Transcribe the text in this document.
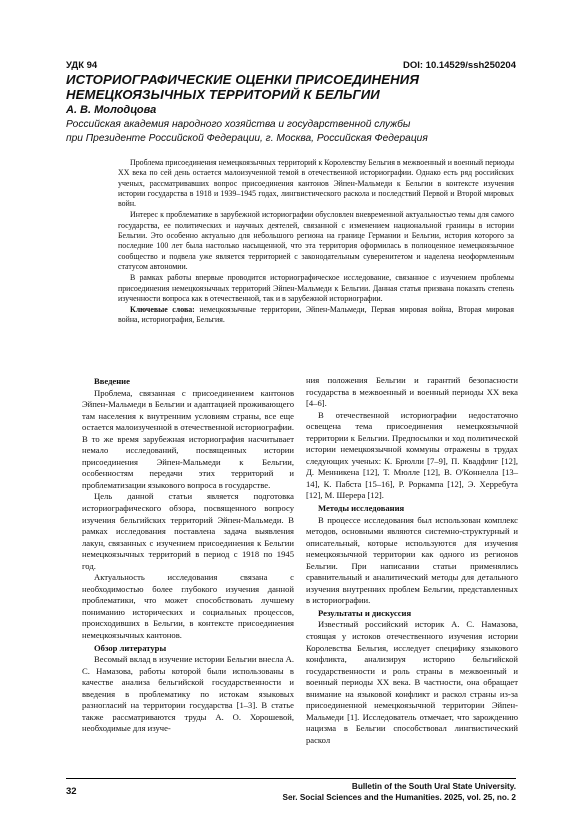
УДК 94	DOI: 10.14529/ssh250204
ИСТОРИОГРАФИЧЕСКИЕ ОЦЕНКИ ПРИСОЕДИНЕНИЯ
НЕМЕЦКОЯЗЫЧНЫХ ТЕРРИТОРИЙ К БЕЛЬГИИ
А. В. Молодцова
Российская академия народного хозяйства и государственной службы
при Президенте Российской Федерации, г. Москва, Российская Федерация

Проблема присоединения немецкоязычных территорий к Королевству Бельгия в межвоенный и военный периоды XX века по сей день остается малоизученной темой в отечественной историографии. Однако есть ряд российских ученых, рассматривавших вопрос присоединения кантонов Эйпен-Мальмеди к Бельгии в контексте изучения истории государства в 1918 и 1939–1945 годах, лингвистического раскола и последствий Первой и Второй мировых войн.

Интерес к проблематике в зарубежной историографии обусловлен вневременной актуальностью темы для самого государства, ее политических и научных деятелей, связанной с изменением национальной границы в истории Бельгии. Это особенно актуально для небольшого региона на границе Германии и Бельгии, история которого за последние 100 лет была настолько насыщенной, что эта территория оформилась в полноценное немецкоязычное сообщество и подвела уже является территорией с законодательным суверенитетом и наделена неоформленным статусом автономии.

В рамках работы впервые проводится историографическое исследование, связанное с изучением проблемы присоединения немецкоязычных территорий Эйпен-Мальмеди к Бельгии. Данная статья призвана показать степень изученности вопроса как в отечественной, так и в зарубежной историографии.

Ключевые слова: немецкоязычные территории, Эйпен-Мальмеди, Первая мировая война, Вторая мировая война, историография, Бельгия.

Введение

Проблема, связанная с присоединением кантонов Эйпен-Мальмеди в Бельгии и адаптацией проживающего там населения к внутренним условиям страны, все еще остается малоизученной в отечественной историографии. В то же время зарубежная историография насчитывает немало исследований, посвященных истории присоединения Эйпен-Мальмеди к Бельгии, особенностям передачи этих территорий и проблематизации языкового вопроса в государстве.

Цель данной статьи является подготовка историографического обзора, посвященного вопросу изучения бельгийских территорий Эйпен-Мальмеди. В рамках исследования поставлена задача выявления лакун, связанных с изучением присоединения к Бельгии немецкоязычных территорий в период с 1918 по 1945 год.

Актуальность исследования связана с необходимостью более глубокого изучения данной проблематики, что может способствовать лучшему пониманию исторических и социальных процессов, происходивших в Бельгии, в контексте присоединения немецкоязычных кантонов.

Обзор литературы

Весомый вклад в изучение истории Бельгии внесла А. С. Намазова, работы которой были использованы в качестве анализа бельгийской государственности и введения в проблематику по истокам языковых разногласий на территории государства [1–3]. В статье также рассматриваются труды А. О. Хорошевой, необходимые для изуче-

ния положения Бельгии и гарантий безопасности государства в межвоенный и военный периоды XX века [4–6].

В отечественной историографии недостаточно освещена тема присоединения немецкоязычной территории к Бельгии. Предпосылки и ход политической истории немецкоязычной коммуны отражены в трудах следующих ученых: К. Брюлли [7–9], П. Квадфлиг [12], Д. Менникена [12], Т. Мюлле [12], В. О'Коннелла [13–14], К. Пабста [15–16], Р. Роркампа [12], Э. Херребута [12], М. Шерера [12].

Методы исследования

В процессе исследования был использован комплекс методов, основными являются системно-структурный и описательный, которые используются для изучения немецкоязычной территории как одного из регионов Бельгии. При написании статьи применялись сравнительный и аналитический методы для детального изучения внутренних проблем Бельгии, представленных в историографии.

Результаты и дискуссия

Известный российский историк А. С. Намазова, стоящая у истоков отечественного изучения истории Королевства Бельгия, исследует специфику языкового конфликта, анализируя историю бельгийской государственности и роль страны в межвоенный и военный периоды XX века. В частности, она обращает внимание на языковой конфликт и раскол страны из-за присоединенной немецкоязычной территории Эйпен-Мальмеди [1]. Исследователь отмечает, что зарождению нацизма в Бельгии способствовал лингвистический раскол

32	Bulletin of the South Ural State University.
Ser. Social Sciences and the Humanities. 2025, vol. 25, no. 2
